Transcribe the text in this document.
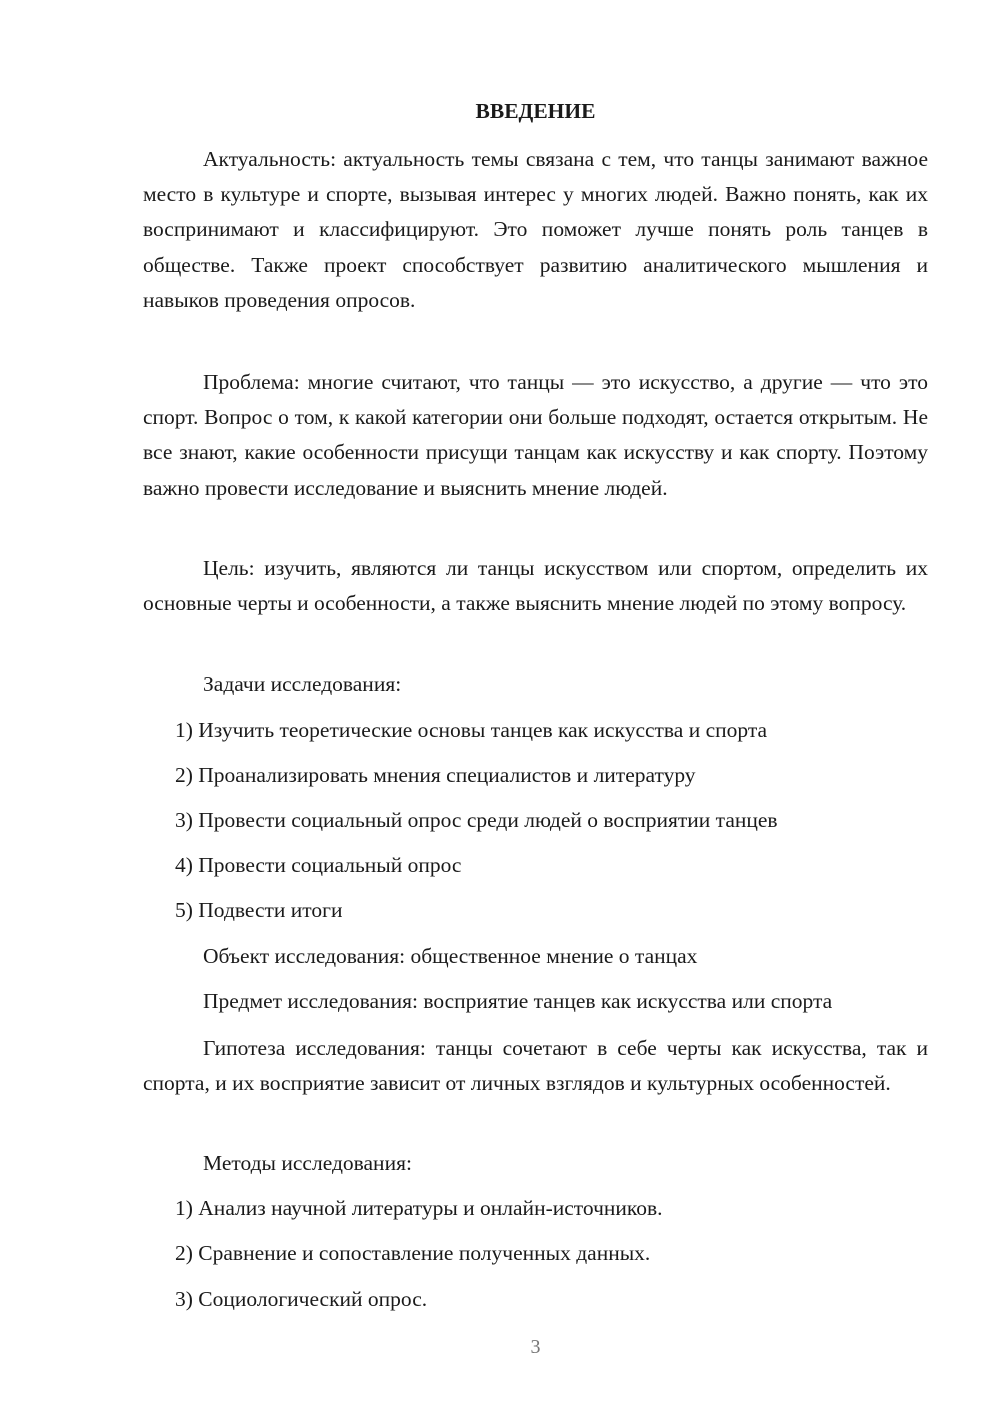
ВВЕДЕНИЕ

Актуальность: актуальность темы связана с тем, что танцы занимают важное место в культуре и спорте, вызывая интерес у многих людей. Важно понять, как их воспринимают и классифицируют. Это поможет лучше понять роль танцев в обществе. Также проект способствует развитию аналитического мышления и навыков проведения опросов.

Проблема: многие считают, что танцы — это искусство, а другие — что это спорт. Вопрос о том, к какой категории они больше подходят, остается открытым. Не все знают, какие особенности присущи танцам как искусству и как спорту. Поэтому важно провести исследование и выяснить мнение людей.

Цель: изучить, являются ли танцы искусством или спортом, определить их основные черты и особенности, а также выяснить мнение людей по этому вопросу.

Задачи исследования:

1) Изучить теоретические основы танцев как искусства и спорта

2) Проанализировать мнения специалистов и литературу

3) Провести социальный опрос среди людей о восприятии танцев

4) Провести социальный опрос

5) Подвести итоги

Объект исследования: общественное мнение о танцах

Предмет исследования: восприятие танцев как искусства или спорта

Гипотеза исследования: танцы сочетают в себе черты как искусства, так и спорта, и их восприятие зависит от личных взглядов и культурных особенностей.

Методы исследования:

1) Анализ научной литературы и онлайн-источников.

2) Сравнение и сопоставление полученных данных.

3) Социологический опрос.

3
